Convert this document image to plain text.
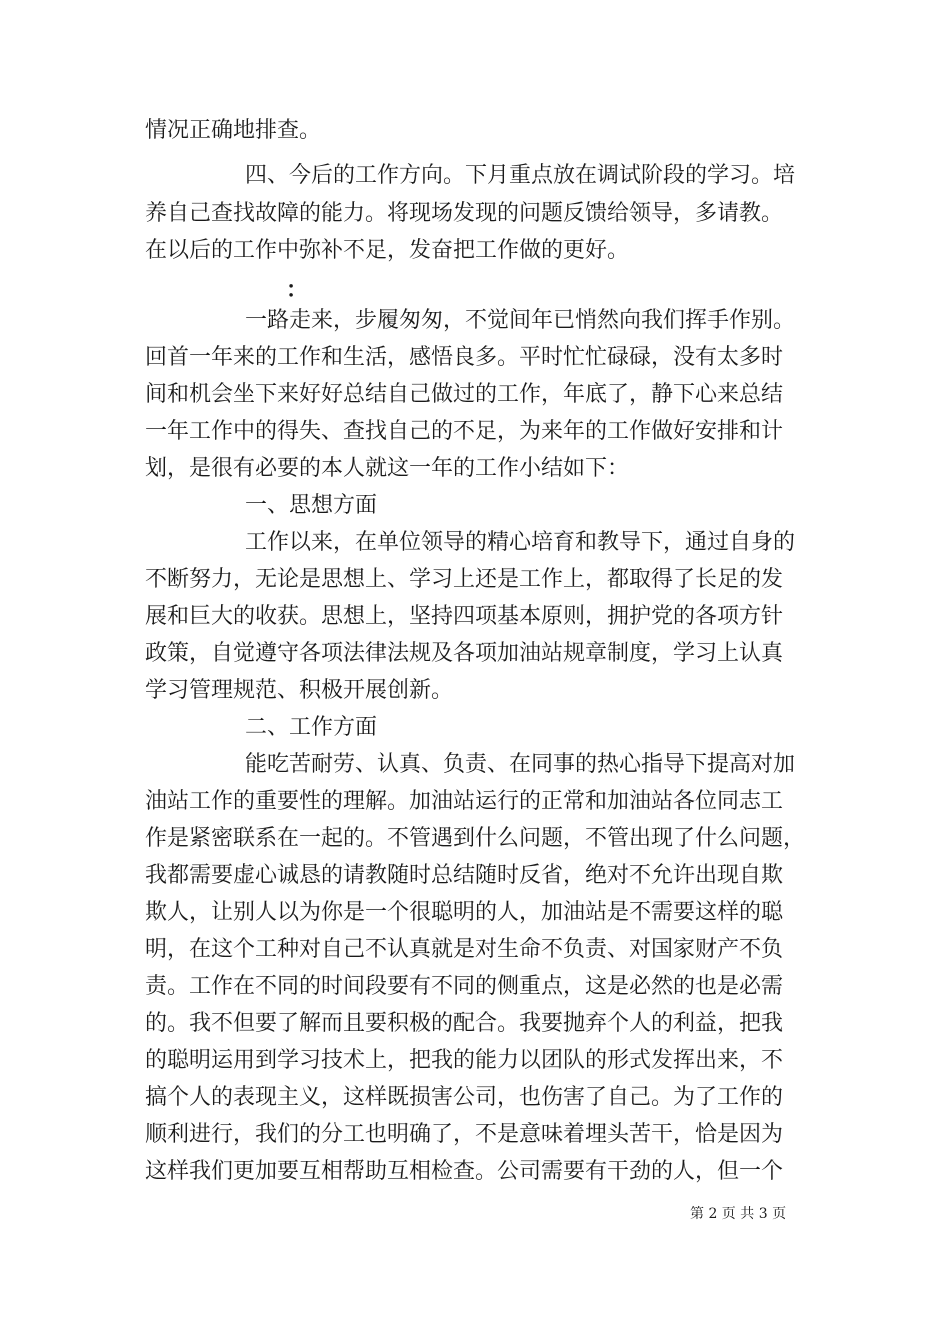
情况正确地排查。
四、今后的工作方向。下月重点放在调试阶段的学习。培
养自己查找故障的能力。将现场发现的问题反馈给领导，多请教。
在以后的工作中弥补不足，发奋把工作做的更好。
：
一路走来，步履匆匆，不觉间年已悄然向我们挥手作别。
回首一年来的工作和生活，感悟良多。平时忙忙碌碌，没有太多时
间和机会坐下来好好总结自己做过的工作，年底了，静下心来总结
一年工作中的得失、查找自己的不足，为来年的工作做好安排和计
划，是很有必要的本人就这一年的工作小结如下：
一、思想方面
工作以来，在单位领导的精心培育和教导下，通过自身的
不断努力，无论是思想上、学习上还是工作上，都取得了长足的发
展和巨大的收获。思想上，坚持四项基本原则，拥护党的各项方针
政策，自觉遵守各项法律法规及各项加油站规章制度，学习上认真
学习管理规范、积极开展创新。
二、工作方面
能吃苦耐劳、认真、负责、在同事的热心指导下提高对加
油站工作的重要性的理解。加油站运行的正常和加油站各位同志工
作是紧密联系在一起的。不管遇到什么问题，不管出现了什么问题，
我都需要虚心诚恳的请教随时总结随时反省，绝对不允许出现自欺
欺人，让别人以为你是一个很聪明的人，加油站是不需要这样的聪
明，在这个工种对自己不认真就是对生命不负责、对国家财产不负
责。工作在不同的时间段要有不同的侧重点，这是必然的也是必需
的。我不但要了解而且要积极的配合。我要抛弃个人的利益，把我
的聪明运用到学习技术上，把我的能力以团队的形式发挥出来，不
搞个人的表现主义，这样既损害公司，也伤害了自己。为了工作的
顺利进行，我们的分工也明确了，不是意味着埋头苦干，恰是因为
这样我们更加要互相帮助互相检查。公司需要有干劲的人，但一个
第 2 页 共 3 页
